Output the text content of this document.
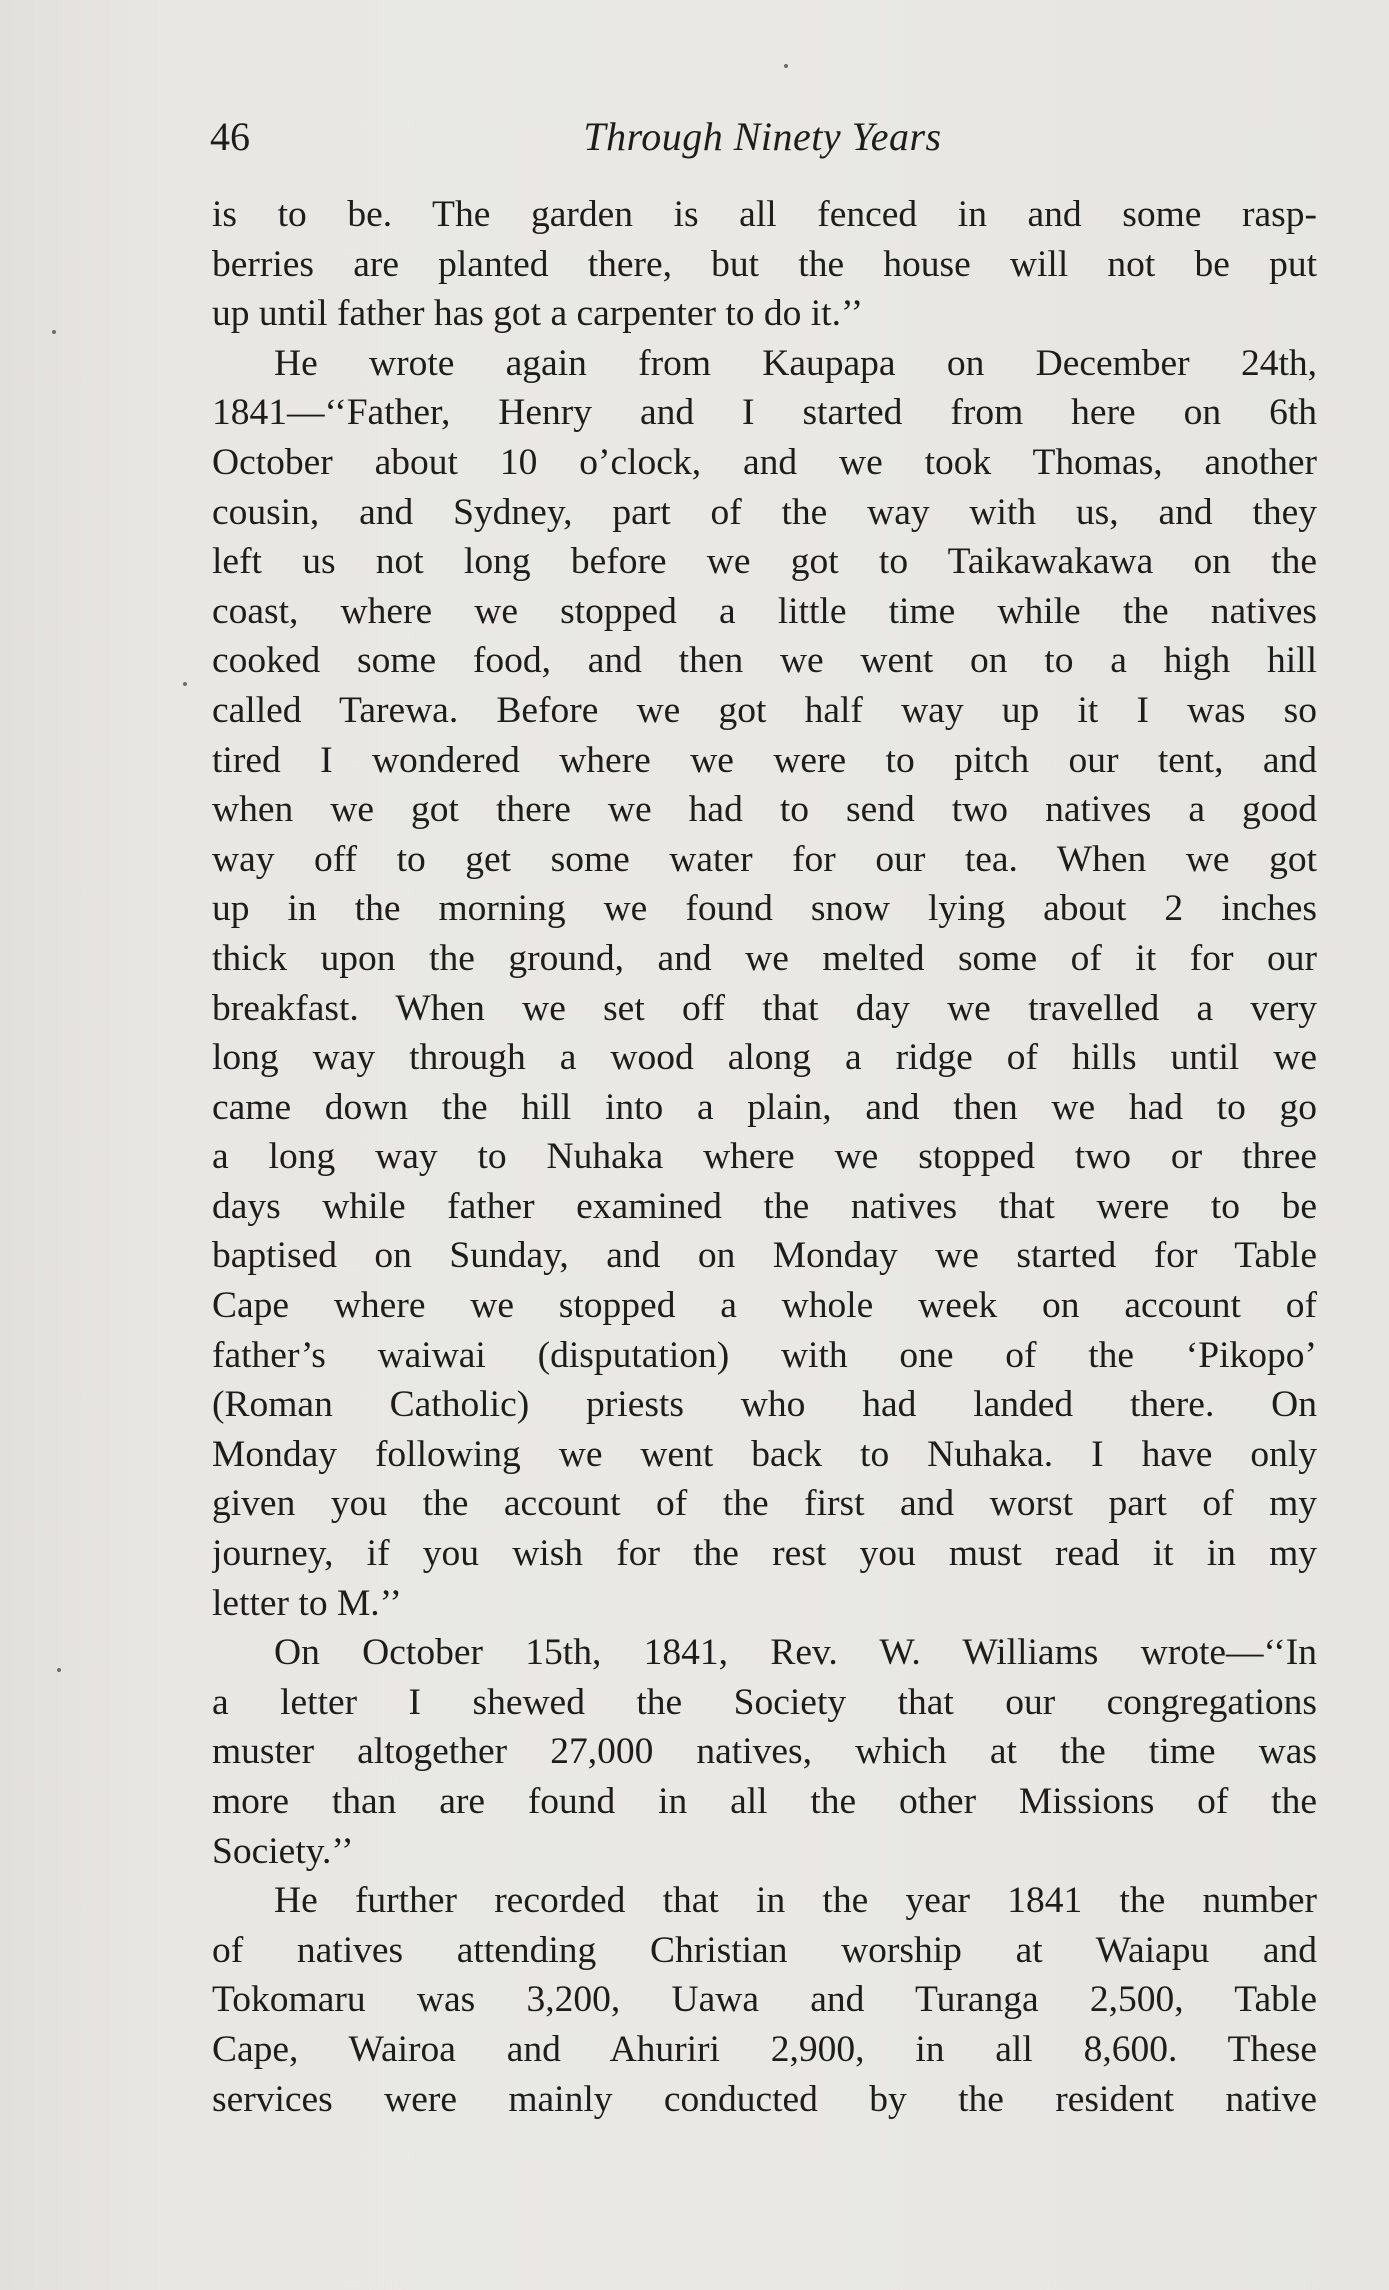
46	Through Ninety Years
is to be. The garden is all fenced in and some rasp-
berries are planted there, but the house will not be put
up until father has got a carpenter to do it.’’
He wrote again from Kaupapa on December 24th,
1841—‘‘Father, Henry and I started from here on 6th
October about 10 o’clock, and we took Thomas, another
cousin, and Sydney, part of the way with us, and they
left us not long before we got to Taikawakawa on the
coast, where we stopped a little time while the natives
cooked some food, and then we went on to a high hill
called Tarewa. Before we got half way up it I was so
tired I wondered where we were to pitch our tent, and
when we got there we had to send two natives a good
way off to get some water for our tea. When we got
up in the morning we found snow lying about 2 inches
thick upon the ground, and we melted some of it for our
breakfast. When we set off that day we travelled a very
long way through a wood along a ridge of hills until we
came down the hill into a plain, and then we had to go
a long way to Nuhaka where we stopped two or three
days while father examined the natives that were to be
baptised on Sunday, and on Monday we started for Table
Cape where we stopped a whole week on account of
father’s waiwai (disputation) with one of the ‘Pikopo’
(Roman Catholic) priests who had landed there. On
Monday following we went back to Nuhaka. I have only
given you the account of the first and worst part of my
journey, if you wish for the rest you must read it in my
letter to M.’’
On October 15th, 1841, Rev. W. Williams wrote—‘‘In
a letter I shewed the Society that our congregations
muster altogether 27,000 natives, which at the time was
more than are found in all the other Missions of the
Society.’’
He further recorded that in the year 1841 the number
of natives attending Christian worship at Waiapu and
Tokomaru was 3,200, Uawa and Turanga 2,500, Table
Cape, Wairoa and Ahuriri 2,900, in all 8,600. These
services were mainly conducted by the resident native
